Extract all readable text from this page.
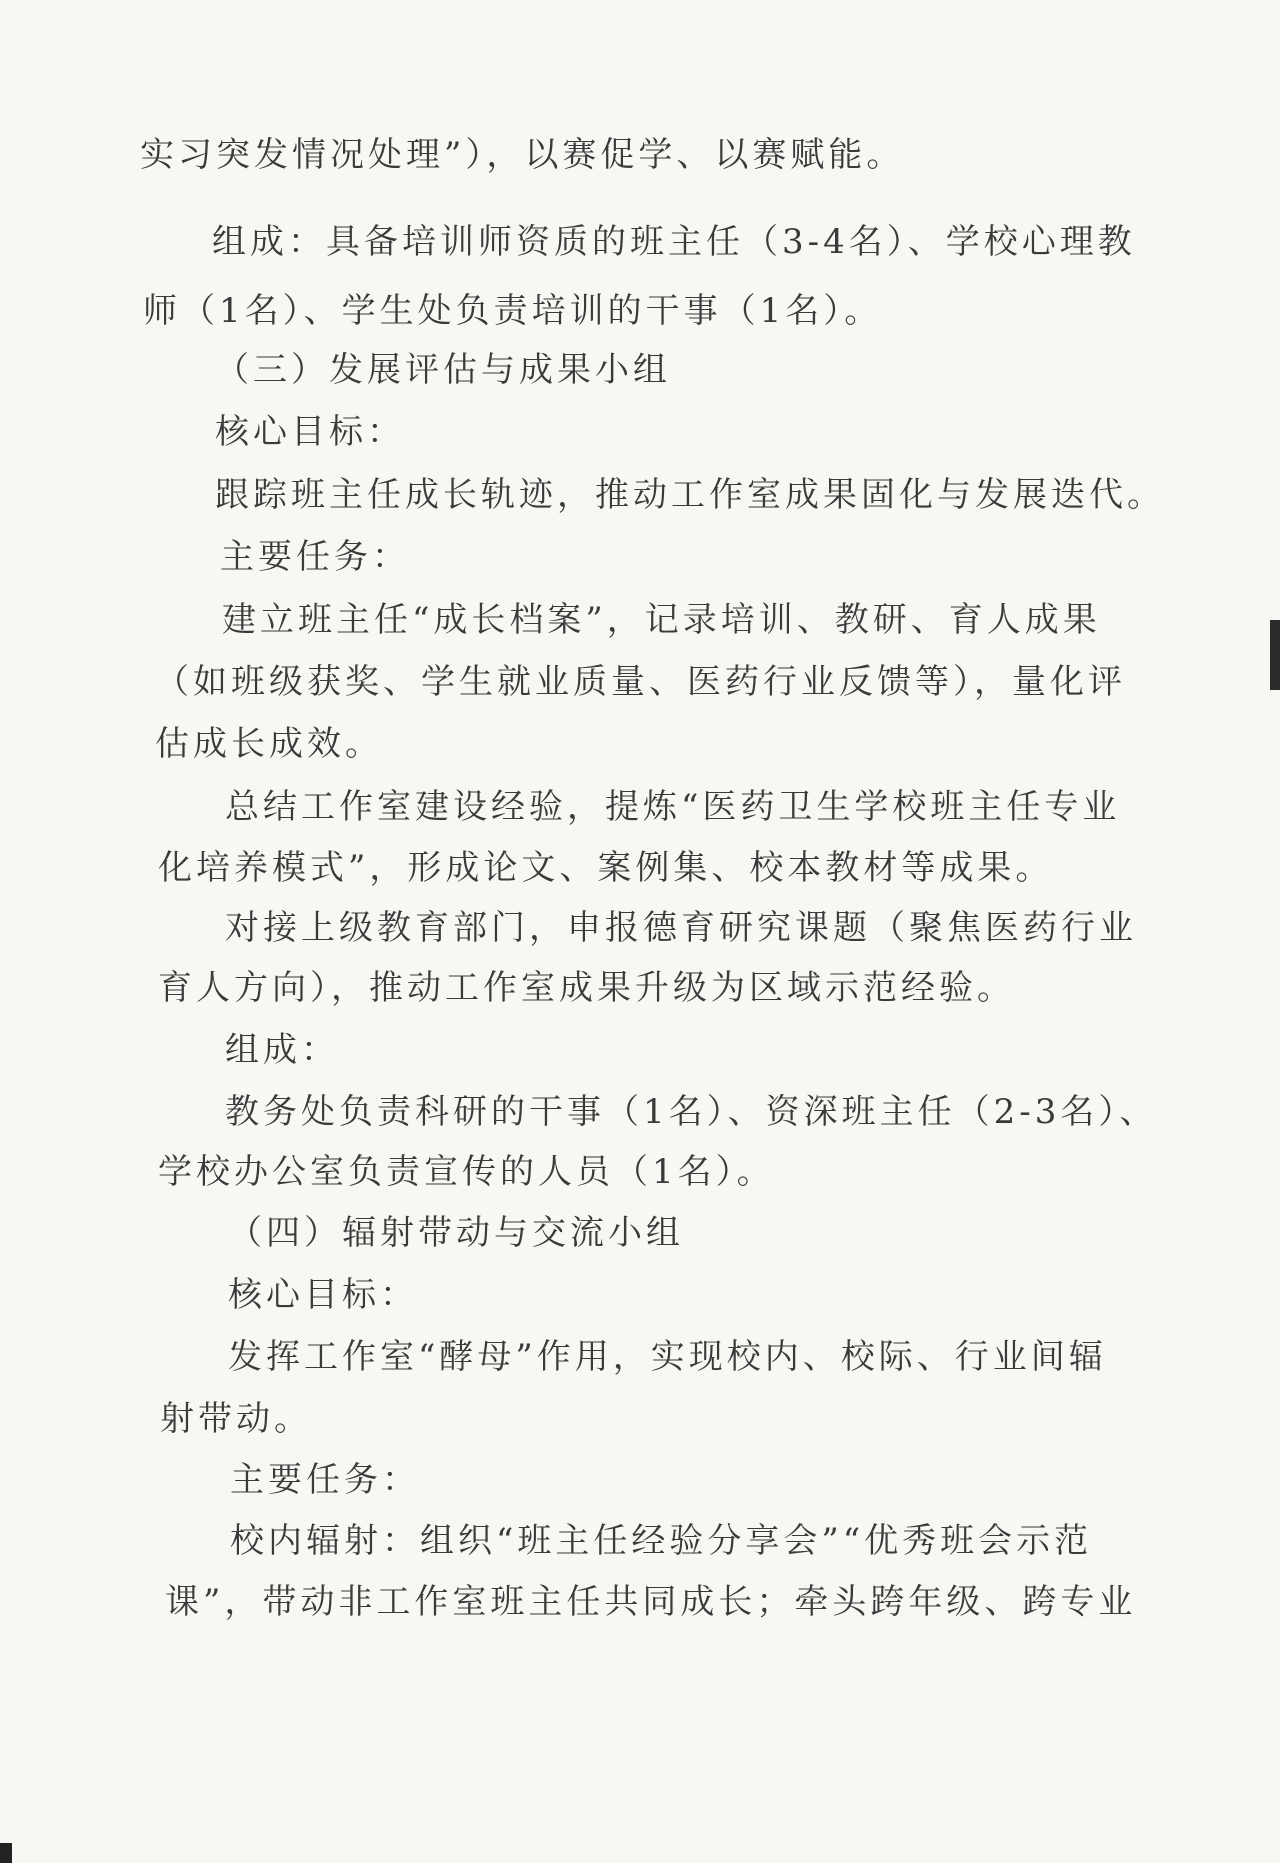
实习突发情况处理”），以赛促学、以赛赋能。
组成：具备培训师资质的班主任（3-4名）、学校心理教
师（1名）、学生处负责培训的干事（1名）。
（三）发展评估与成果小组
核心目标：
跟踪班主任成长轨迹，推动工作室成果固化与发展迭代。
主要任务：
建立班主任“成长档案”，记录培训、教研、育人成果
（如班级获奖、学生就业质量、医药行业反馈等），量化评
估成长成效。
总结工作室建设经验，提炼“医药卫生学校班主任专业
化培养模式”，形成论文、案例集、校本教材等成果。
对接上级教育部门，申报德育研究课题（聚焦医药行业
育人方向），推动工作室成果升级为区域示范经验。
组成：
教务处负责科研的干事（1名）、资深班主任（2-3名）、
学校办公室负责宣传的人员（1名）。
（四）辐射带动与交流小组
核心目标：
发挥工作室“酵母”作用，实现校内、校际、行业间辐
射带动。
主要任务：
校内辐射：组织“班主任经验分享会”“优秀班会示范
课”，带动非工作室班主任共同成长；牵头跨年级、跨专业
